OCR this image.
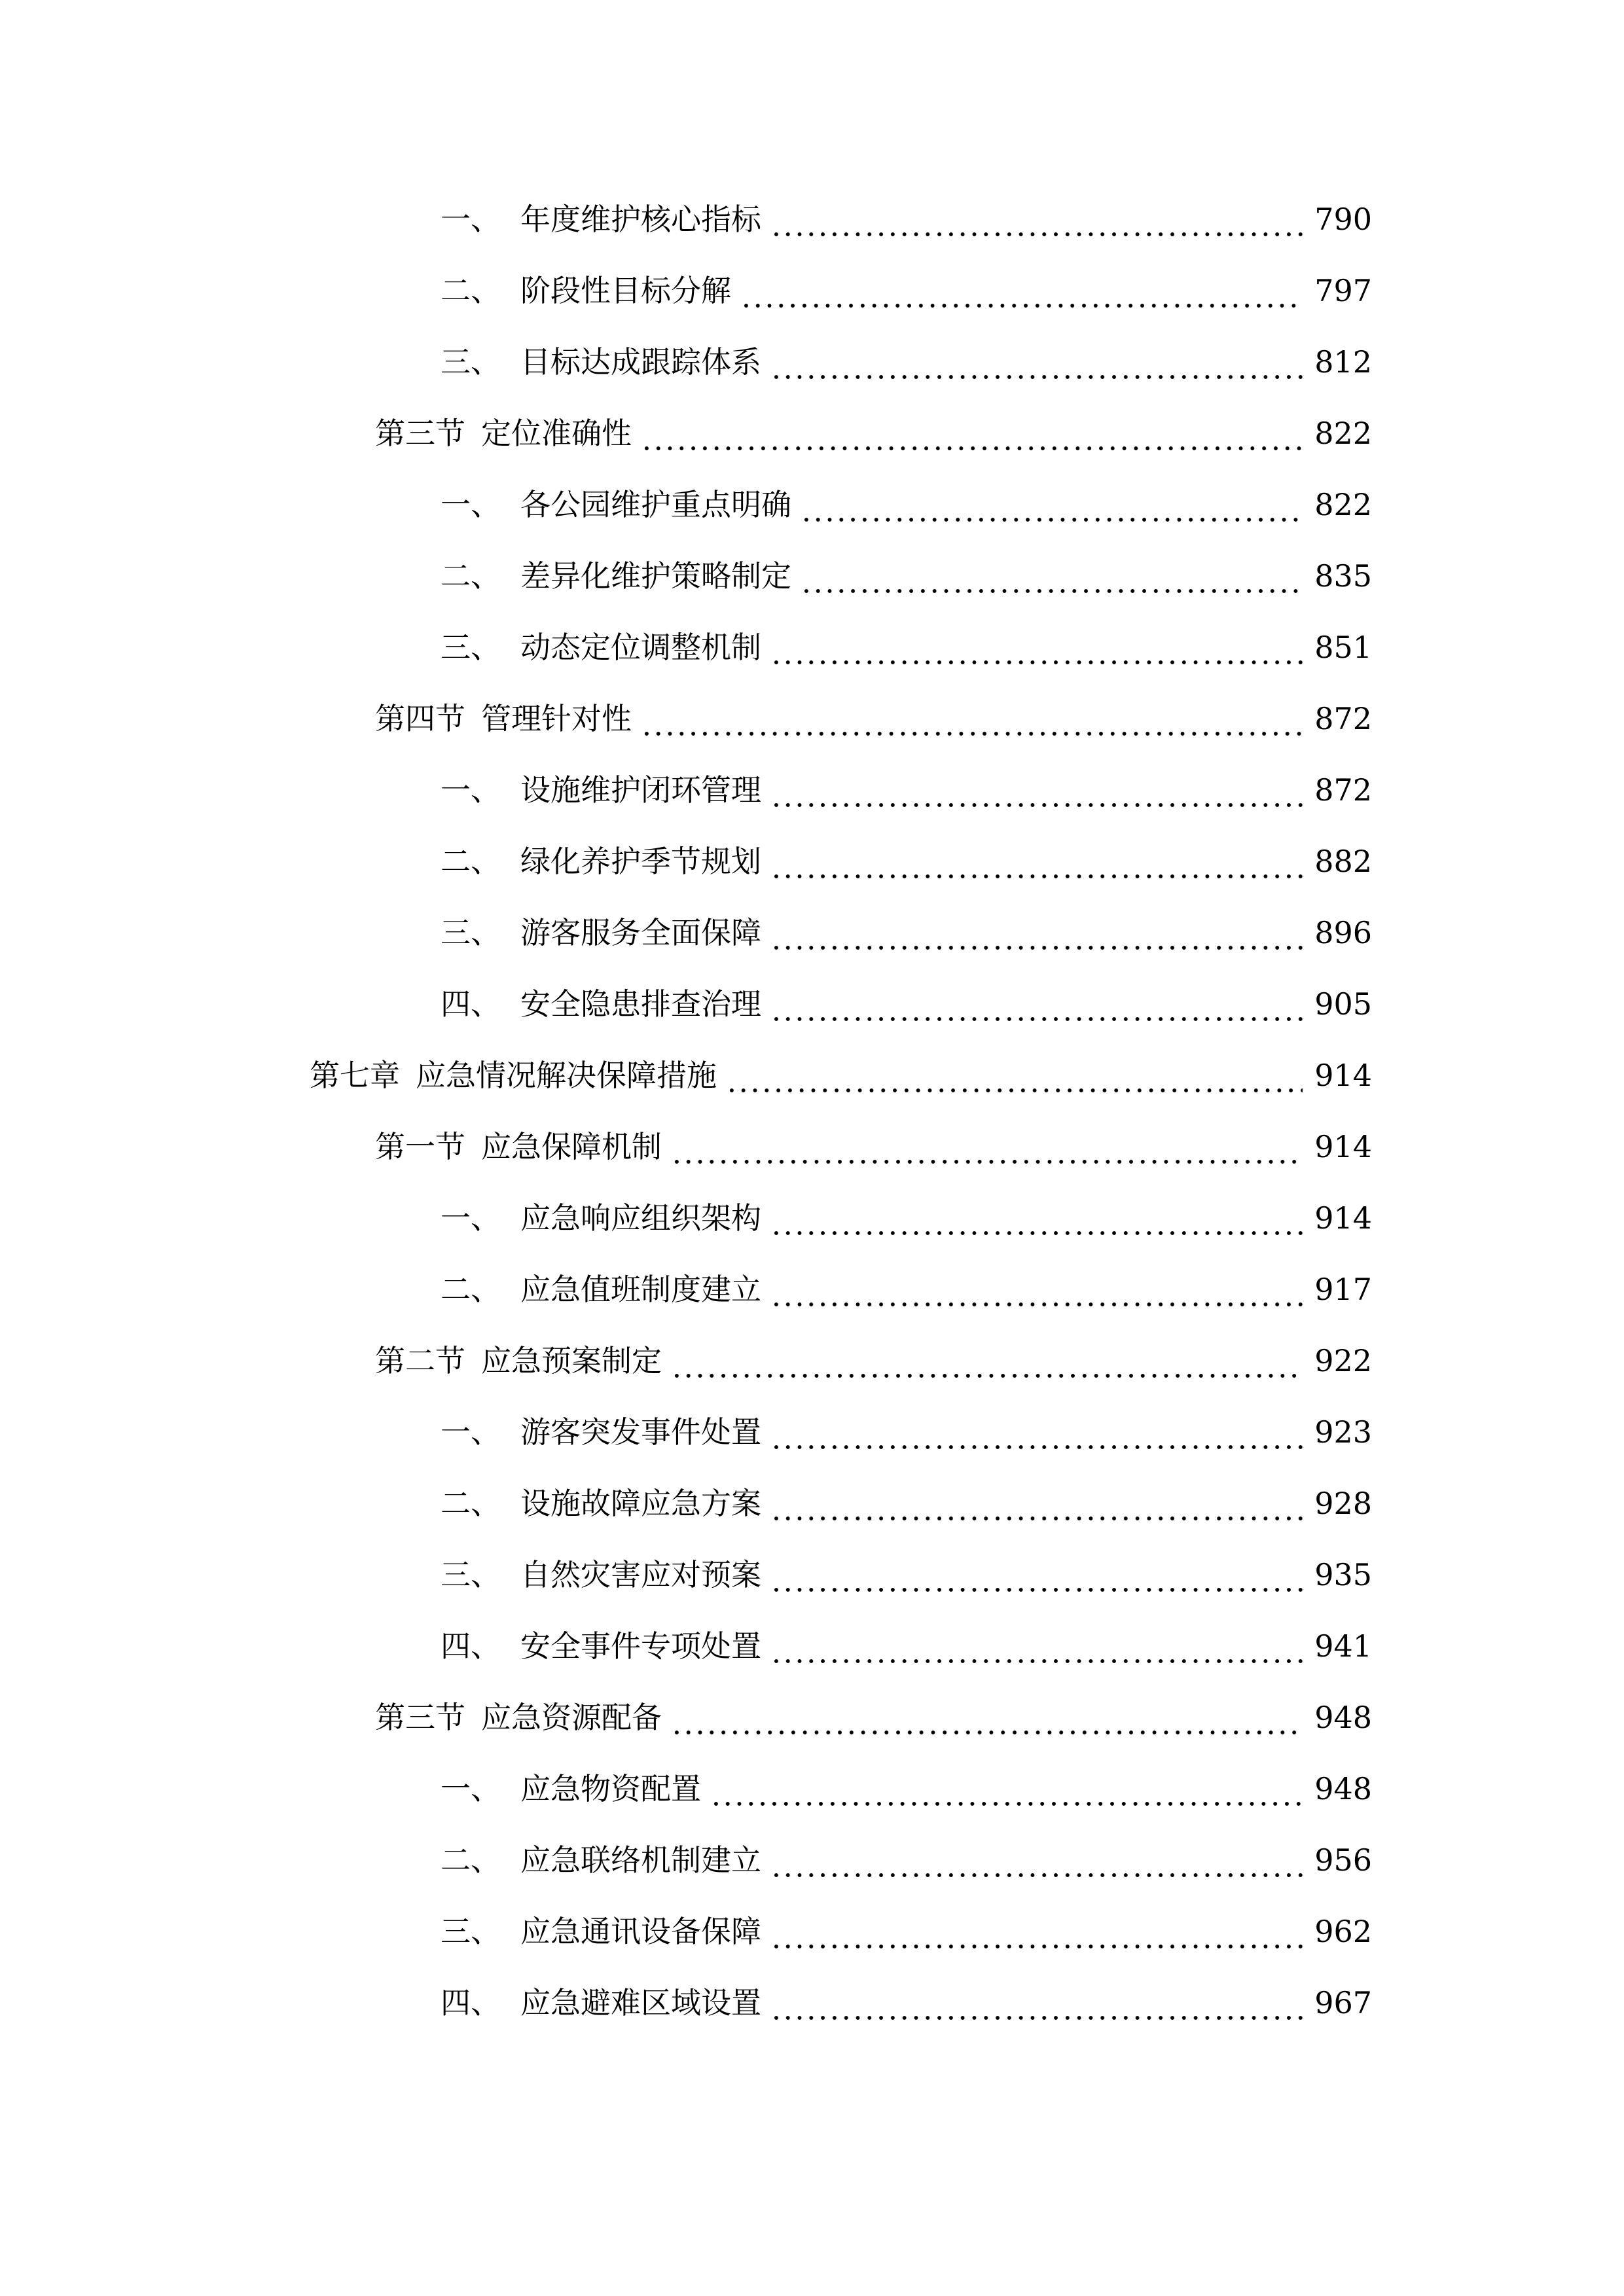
一、 年度维护核心指标	790
二、 阶段性目标分解	797
三、 目标达成跟踪体系	812
第三节 定位准确性	822
一、 各公园维护重点明确	822
二、 差异化维护策略制定	835
三、 动态定位调整机制	851
第四节 管理针对性	872
一、 设施维护闭环管理	872
二、 绿化养护季节规划	882
三、 游客服务全面保障	896
四、 安全隐患排查治理	905
第七章 应急情况解决保障措施	914
第一节 应急保障机制	914
一、 应急响应组织架构	914
二、 应急值班制度建立	917
第二节 应急预案制定	922
一、 游客突发事件处置	923
二、 设施故障应急方案	928
三、 自然灾害应对预案	935
四、 安全事件专项处置	941
第三节 应急资源配备	948
一、 应急物资配置	948
二、 应急联络机制建立	956
三、 应急通讯设备保障	962
四、 应急避难区域设置	967
